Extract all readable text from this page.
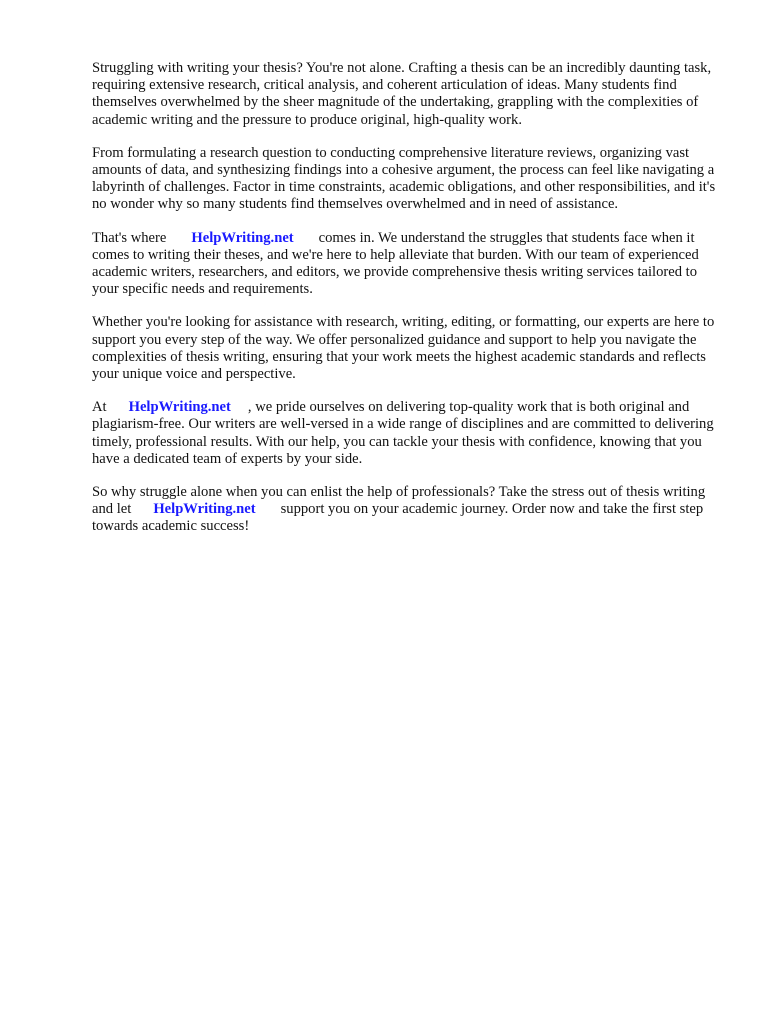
Struggling with writing your thesis? You're not alone. Crafting a thesis can be an incredibly daunting task, requiring extensive research, critical analysis, and coherent articulation of ideas. Many students find themselves overwhelmed by the sheer magnitude of the undertaking, grappling with the complexities of academic writing and the pressure to produce original, high-quality work.

From formulating a research question to conducting comprehensive literature reviews, organizing vast amounts of data, and synthesizing findings into a cohesive argument, the process can feel like navigating a labyrinth of challenges. Factor in time constraints, academic obligations, and other responsibilities, and it's no wonder why so many students find themselves overwhelmed and in need of assistance.

That's where HelpWriting.net comes in. We understand the struggles that students face when it comes to writing their theses, and we're here to help alleviate that burden. With our team of experienced academic writers, researchers, and editors, we provide comprehensive thesis writing services tailored to your specific needs and requirements.

Whether you're looking for assistance with research, writing, editing, or formatting, our experts are here to support you every step of the way. We offer personalized guidance and support to help you navigate the complexities of thesis writing, ensuring that your work meets the highest academic standards and reflects your unique voice and perspective.

At HelpWriting.net , we pride ourselves on delivering top-quality work that is both original and plagiarism-free. Our writers are well-versed in a wide range of disciplines and are committed to delivering timely, professional results. With our help, you can tackle your thesis with confidence, knowing that you have a dedicated team of experts by your side.

So why struggle alone when you can enlist the help of professionals? Take the stress out of thesis writing and let HelpWriting.net support you on your academic journey. Order now and take the first step towards academic success!
